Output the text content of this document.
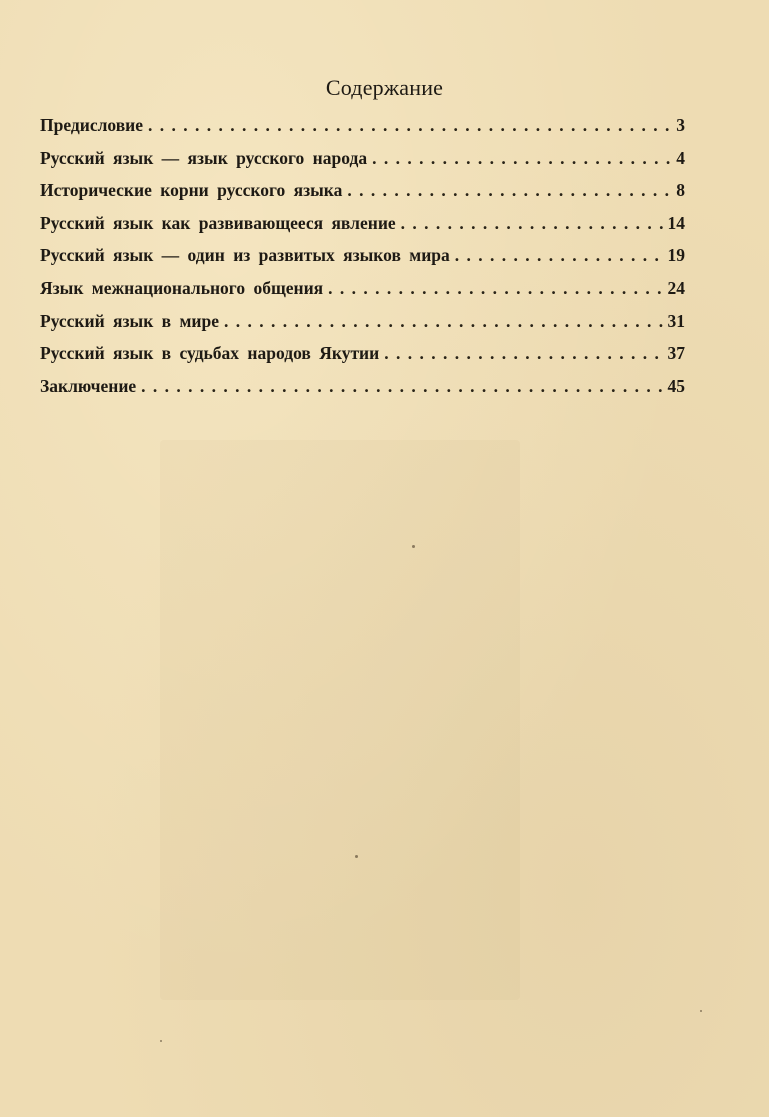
Содержание
Предисловие . . .	3
Русский язык — язык русского народа . . .	4
Исторические корни русского языка . . .	8
Русский язык как развивающееся явление . . .	14
Русский язык — один из развитых языков мира . . .	19
Язык межнационального общения . . .	24
Русский язык в мире . . .	31
Русский язык в судьбах народов Якутии . . .	37
Заключение . . .	45
